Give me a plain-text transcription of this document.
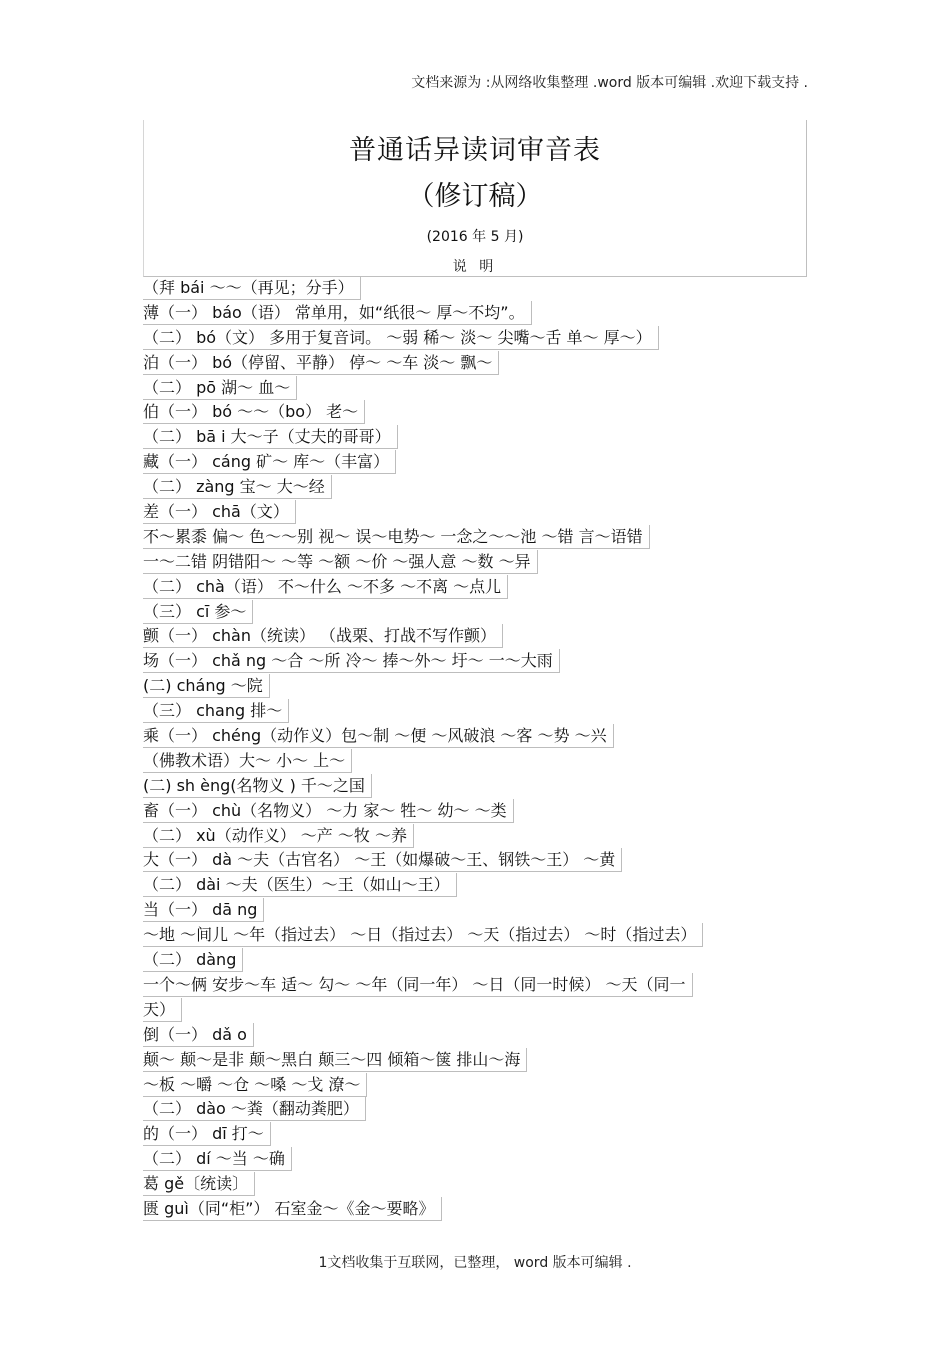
文档来源为 :从网络收集整理 .word 版本可编辑 .欢迎下载支持 .
普通话异读词审音表
（修订稿）
(2016 年 5 月)
说 明
（拜 bái ～～（再见；分手）
薄（一） báo（语） 常单用，如“纸很～ 厚～不均”。
（二） bó（文） 多用于复音词。 ～弱 稀～ 淡～ 尖嘴～舌 单～ 厚～）
泊（一） bó（停留、平静） 停～ ～车 淡～ 飘～
（二） pō 湖～ 血～
伯（一） bó ～～（bo） 老～
（二） bā i 大～子（丈夫的哥哥）
藏（一） cáng 矿～ 库～（丰富）
（二） zàng 宝～ 大～经
差（一） chā（文）
不～累黍 偏～ 色～～别 视～ 误～电势～ 一念之～～池 ～错 言～语错
一～二错 阴错阳～ ～等 ～额 ～价 ～强人意 ～数 ～异
（二） chà（语） 不～什么 ～不多 ～不离 ～点儿
（三） cī 参～
颤（一） chàn（统读） （战栗、打战不写作颤）
场（一） chǎ ng ～合 ～所 冷～ 捧～外～ 圩～ 一～大雨
(二) cháng ～院
（三） chang 排～
乘（一） chéng（动作义）包～制 ～便 ～风破浪 ～客 ～势 ～兴
（佛教术语）大～ 小～ 上～
(二) sh èng(名物义 ) 千～之国
畜（一） chù（名物义） ～力 家～ 牲～ 幼～ ～类
（二） xù（动作义） ～产 ～牧 ～养
大（一） dà ～夫（古官名） ～王（如爆破～王、钢铁～王） ～黄
（二） dài ～夫（医生）～王（如山～王）
当（一） dā ng
～地 ～间儿 ～年（指过去） ～日（指过去） ～天（指过去） ～时（指过去）
（二） dàng
一个～俩 安步～车 适～ 勾～ ～年（同一年） ～日（同一时候） ～天（同一
天）
倒（一） dǎ o
颠～ 颠～是非 颠～黑白 颠三～四 倾箱～箧 排山～海
～板 ～嚼 ～仓 ～嗓 ～戈 潦～
（二） dào ～粪（翻动粪肥）
的（一） dī 打～
（二） dí ～当 ～确
葛 gě〔统读〕
匮 guì（同“柜”） 石室金～《金～要略》
1文档收集于互联网，已整理， word 版本可编辑 .
